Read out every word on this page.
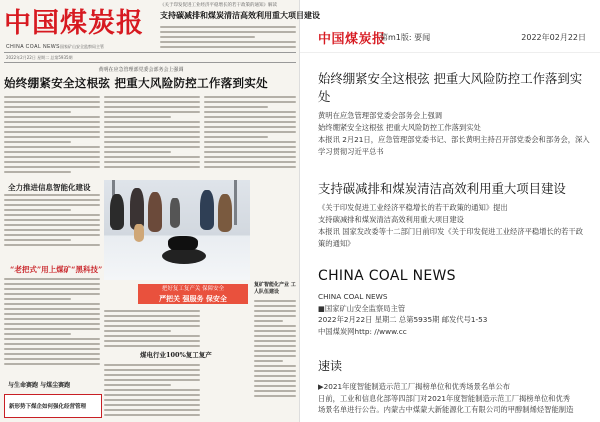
中国煤炭报
CHINA COAL NEWS 国家矿山安全监察局主管
2022年2月22日 星期二 总第5935期
《关于印发促进工业经济平稳增长的若干政策的通知》解读
支持碳减排和煤炭清洁高效利用重大项目建设
黄明在应急管理部党委会部务会上强调
始终绷紧安全这根弦 把重大风险防控工作落到实处
全力推进信息智能化建设
“老把式”用上煤矿“黑科技”
与生命赛跑 与煤尘赛跑
把好复工复产关 保障安全
严把关 强服务 保安全
煤电行业100%复工复产
复矿智能化产业 工人队伍建设
新形势下煤企如何强化经营管理
中国煤炭报
第m1版: 要闻	2022年02月22日
始终绷紧安全这根弦 把重大风险防控工作落到实处
黄明在应急管理部党委会部务会上强调
始终绷紧安全这根弦 把重大风险防控工作落到实处
本报讯 2月21日，应急管理部党委书记、部长黄明主持召开部党委会和部务会，深入学习贯彻习近平总书
支持碳减排和煤炭清洁高效利用重大项目建设
《关于印发促进工业经济平稳增长的若干政策的通知》提出
支持碳减排和煤炭清洁高效利用重大项目建设
本报讯 国家发改委等十二部门日前印发《关于印发促进工业经济平稳增长的若干政策的通知》
CHINA COAL NEWS
CHINA COAL NEWS
■国家矿山安全监察局主管
2022年2月22日 星期二 总第5935期 邮发代号1-53
中国煤炭网http: //www.cc
速读
▶2021年度智能制造示范工厂揭榜单位和优秀场景名单公布
日前，工业和信息化部等四部门对2021年度智能制造示范工厂揭榜单位和优秀
场景名单进行公告。内蒙古中煤蒙大新能源化工有限公司的甲醇制烯烃智能制造
